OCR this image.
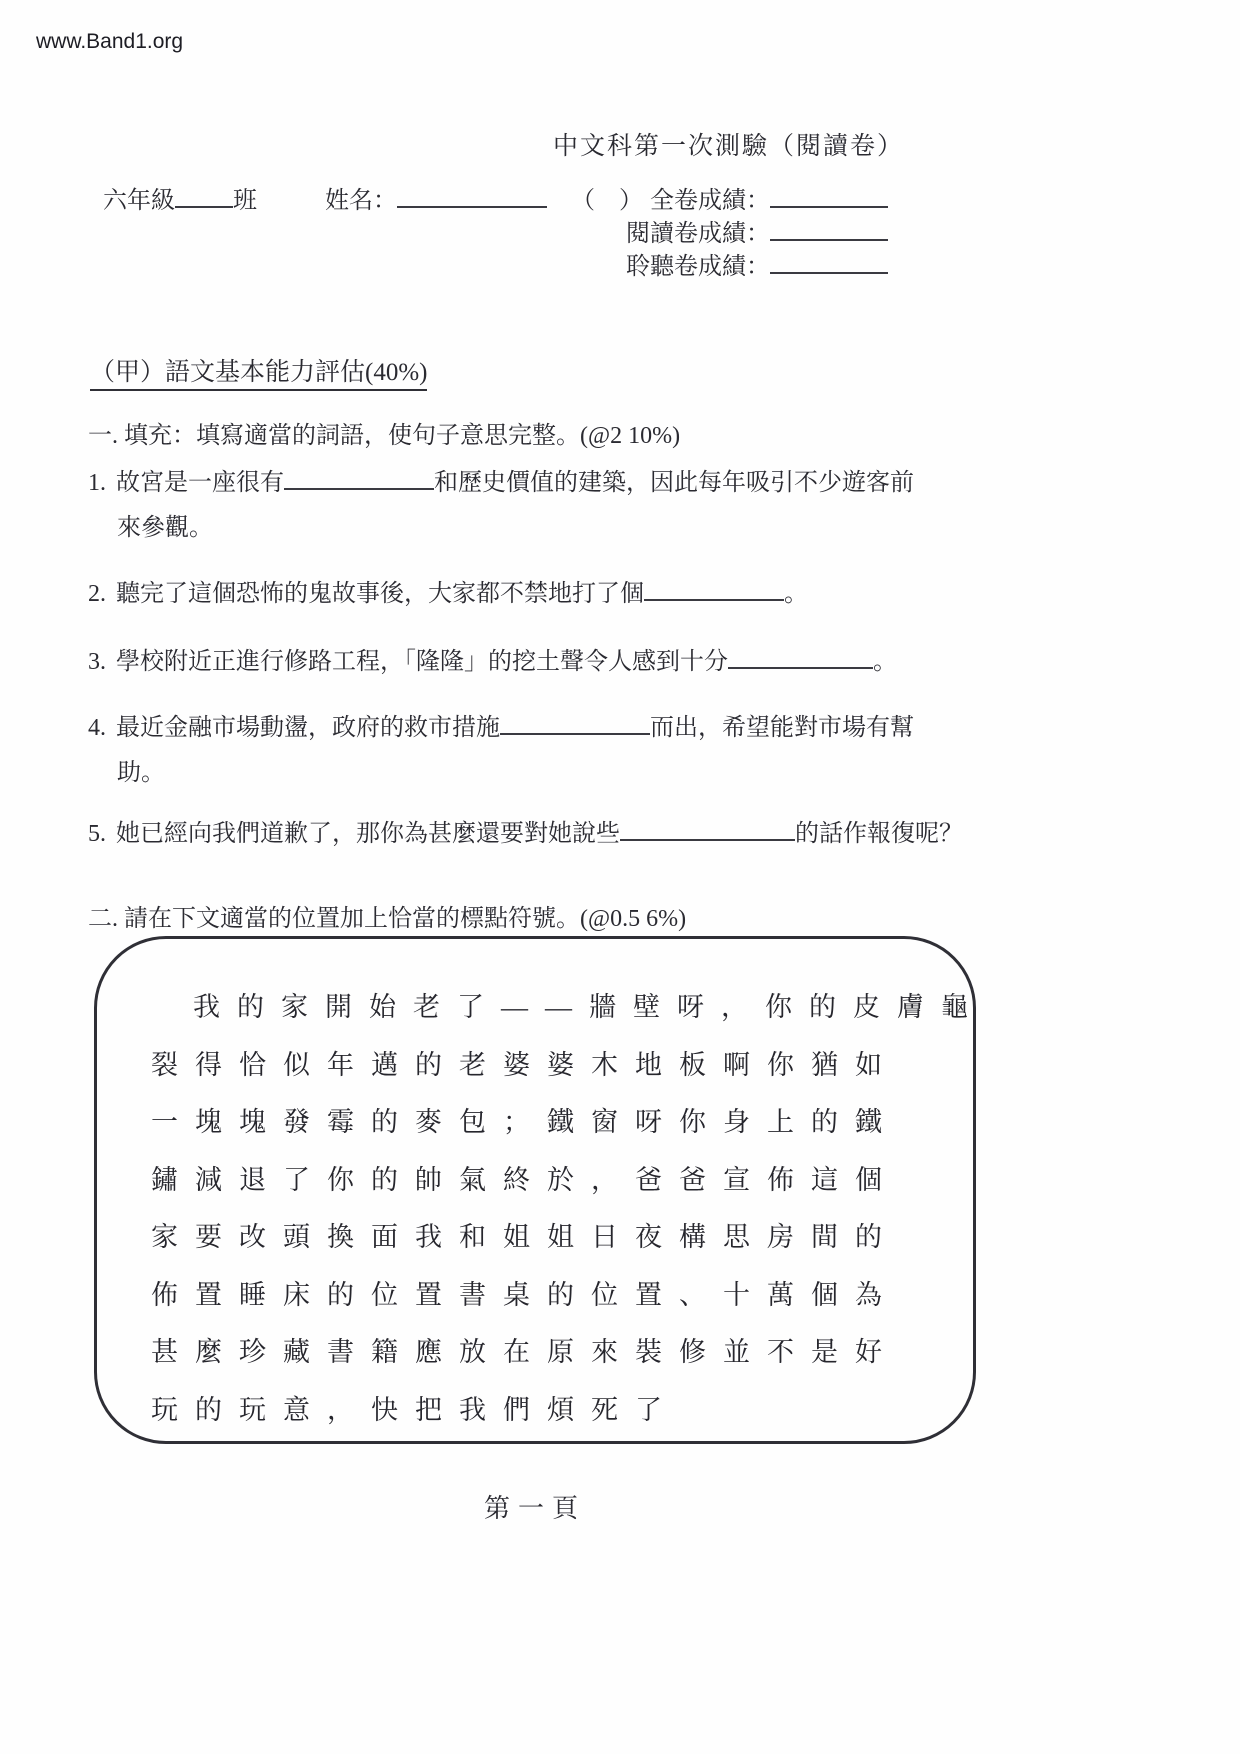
www.Band1.org
中文科第一次測驗（閱讀卷）
六年級 班	姓名：	（　） 全卷成績：
閱讀卷成績：
聆聽卷成績：
（甲）語文基本能力評估(40%)
一. 填充：填寫適當的詞語，使句子意思完整。(@2 10%)
1. 故宮是一座很有	和歷史價值的建築，因此每年吸引不少遊客前
來參觀。
2. 聽完了這個恐怖的鬼故事後，大家都不禁地打了個	。
3. 學校附近正進行修路工程，「隆隆」的挖土聲令人感到十分	。
4. 最近金融市場動盪，政府的救市措施	而出，希望能對市場有幫
助。
5. 她已經向我們道歉了，那你為甚麼還要對她說些	的話作報復呢？
二. 請在下文適當的位置加上恰當的標點符號。(@0.5 6%)
我的家開始老了——牆壁呀，你的皮膚龜
裂得恰似年邁的老婆婆木地板啊你猶如
一塊塊發霉的麥包；鐵窗呀你身上的鐵
鏽減退了你的帥氣終於，爸爸宣佈這個
家要改頭換面我和姐姐日夜構思房間的
佈置睡床的位置書桌的位置、十萬個為
甚麼珍藏書籍應放在原來裝修並不是好
玩的玩意，快把我們煩死了
第一頁
